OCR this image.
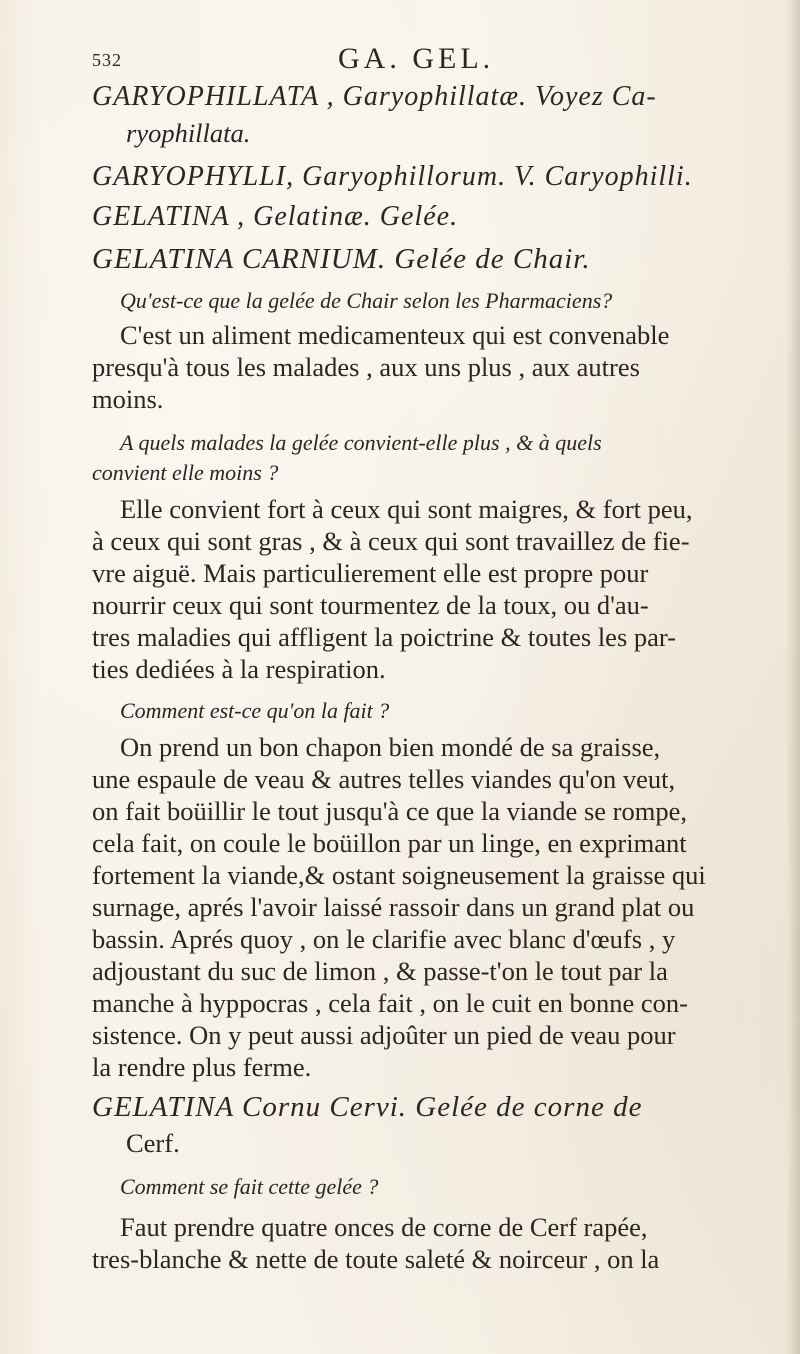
532	GA. GEL.
GARYOPHILLATA , Garyophillatæ. Voyez Ca-
ryophillata.
GARYOPHYLLI, Garyophillorum. V. Caryophilli.
GELATINA , Gelatinæ. Gelée.
GELATINA CARNIUM. Gelée de Chair.
Qu'est-ce que la gelée de Chair selon les Pharmaciens?
C'est un aliment medicamenteux qui est convenable
presqu'à tous les malades , aux uns plus , aux autres
moins.
A quels malades la gelée convient-elle plus , & à quels
convient elle moins ?
Elle convient fort à ceux qui sont maigres, & fort peu,
à ceux qui sont gras , & à ceux qui sont travaillez de fie-
vre aiguë. Mais particulierement elle est propre pour
nourrir ceux qui sont tourmentez de la toux, ou d'au-
tres maladies qui affligent la poictrine & toutes les par-
ties dediées à la respiration.
Comment est-ce qu'on la fait ?
On prend un bon chapon bien mondé de sa graisse,
une espaule de veau & autres telles viandes qu'on veut,
on fait boüillir le tout jusqu'à ce que la viande se rompe,
cela fait, on coule le boüillon par un linge, en exprimant
fortement la viande,& ostant soigneusement la graisse qui
surnage, aprés l'avoir laissé rassoir dans un grand plat ou
bassin. Aprés quoy , on le clarifie avec blanc d'œufs , y
adjoustant du suc de limon , & passe-t'on le tout par la
manche à hyppocras , cela fait , on le cuit en bonne con-
sistence. On y peut aussi adjoûter un pied de veau pour
la rendre plus ferme.
GELATINA Cornu Cervi. Gelée de corne de
Cerf.
Comment se fait cette gelée ?
Faut prendre quatre onces de corne de Cerf rapée,
tres-blanche & nette de toute saleté & noirceur , on la
